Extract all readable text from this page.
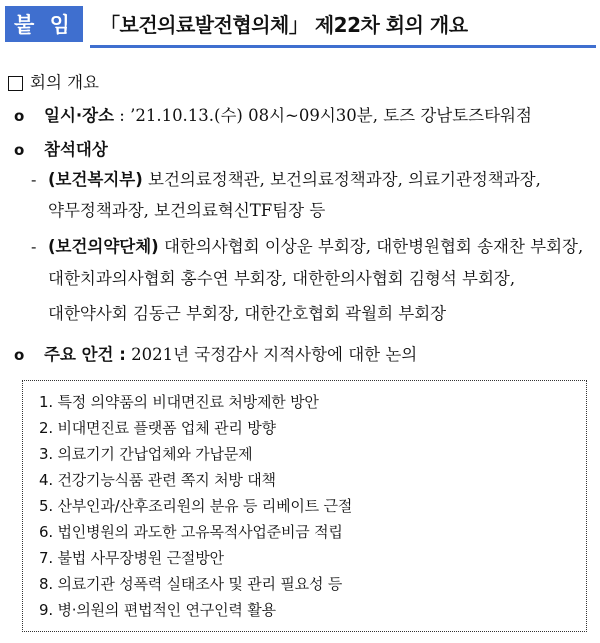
붙 임	「보건의료발전협의체」 제22차 회의 개요
회의 개요
o 일시·장소 : ’21.10.13.(수) 08시~09시30분, 토즈 강남토즈타워점
o 참석대상
- (보건복지부) 보건의료정책관, 보건의료정책과장, 의료기관정책과장,
약무정책과장, 보건의료혁신TF팀장 등
- (보건의약단체) 대한의사협회 이상운 부회장, 대한병원협회 송재찬 부회장,
대한치과의사협회 홍수연 부회장, 대한한의사협회 김형석 부회장,
대한약사회 김동근 부회장, 대한간호협회 곽월희 부회장
o 주요 안건 : 2021년 국정감사 지적사항에 대한 논의
1. 특정 의약품의 비대면진료 처방제한 방안
2. 비대면진료 플랫폼 업체 관리 방향
3. 의료기기 간납업체와 가납문제
4. 건강기능식품 관련 쪽지 처방 대책
5. 산부인과/산후조리원의 분유 등 리베이트 근절
6. 법인병원의 과도한 고유목적사업준비금 적립
7. 불법 사무장병원 근절방안
8. 의료기관 성폭력 실태조사 및 관리 필요성 등
9. 병·의원의 편법적인 연구인력 활용
